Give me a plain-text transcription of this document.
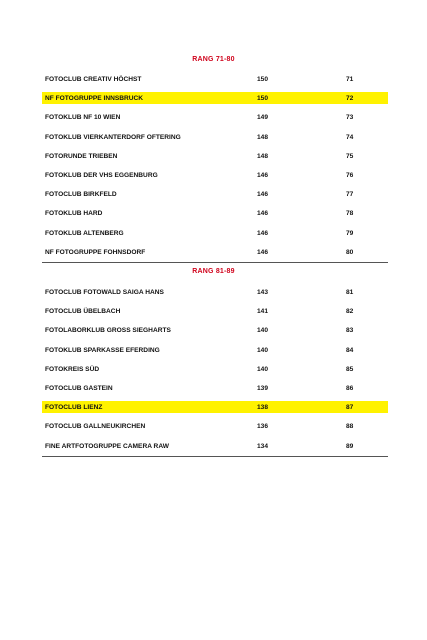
RANG 71-80
FOTOCLUB CREATIV HÖCHST	150	71
NF FOTOGRUPPE INNSBRUCK	150	72
FOTOKLUB NF 10 WIEN	149	73
FOTOKLUB VIERKANTERDORF OFTERING	148	74
FOTORUNDE TRIEBEN	148	75
FOTOKLUB DER VHS EGGENBURG	146	76
FOTOCLUB BIRKFELD	146	77
FOTOKLUB HARD	146	78
FOTOKLUB ALTENBERG	146	79
NF FOTOGRUPPE FOHNSDORF	146	80
RANG 81-89
FOTOCLUB FOTOWALD SAIGA HANS	143	81
FOTOCLUB ÜBELBACH	141	82
FOTOLABORKLUB GROSS SIEGHARTS	140	83
FOTOKLUB SPARKASSE EFERDING	140	84
FOTOKREIS SÜD	140	85
FOTOCLUB GASTEIN	139	86
FOTOCLUB LIENZ	138	87
FOTOCLUB GALLNEUKIRCHEN	136	88
FINE ARTFOTOGRUPPE CAMERA RAW	134	89
